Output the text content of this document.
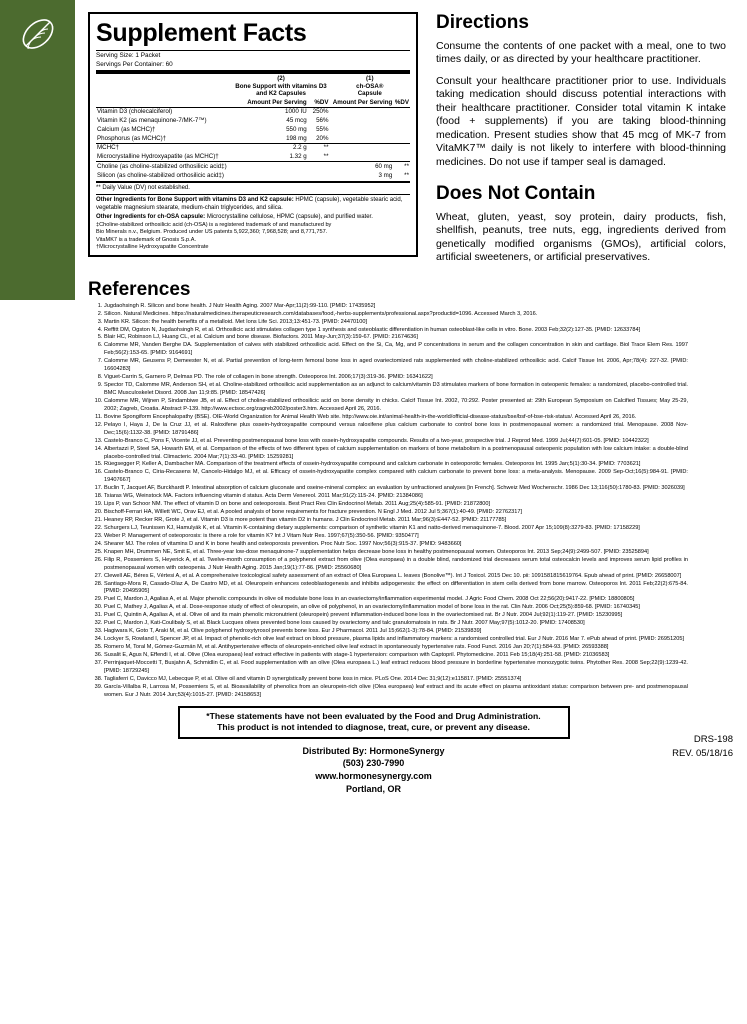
Supplement Facts
Serving Size: 1 Packet
Servings Per Container: 60

(2)
Bone Support with vitamins D3
and K2 Capsules

(1)
ch-OSA®
Capsule

	Amount Per Serving	%DV	Amount Per Serving	%DV
Vitamin D3 (cholecalciferol)	1000 IU	250%		
Vitamin K2 (as menaquinone-7/MK-7™)	45 mcg	56%		
Calcium (as MCHC)†	550 mg	55%		
Phosphorus (as MCHC)†	198 mg	20%		
MCHC†	2.2 g	**		
Microcrystalline Hydroxyapatite (as MCHC)†	1.32 g	**		
Choline (as choline-stabilized orthosilicic acid‡)			60 mg	**
Silicon (as choline-stabilized orthosilicic acid‡)			3 mg	**
** Daily Value (DV) not established.
Other Ingredients for Bone Support with vitamins D3 and K2 capsule: HPMC (capsule), vegetable stearic acid, vegetable magnesium stearate, medium-chain triglycerides, and silica.
Other Ingredients for ch-OSA capsule: Microcrystalline cellulose, HPMC (capsule), and purified water.
‡Choline-stabilized orthosilicic acid (ch-OSA) is a registered trademark of and manufactured by
Bio Minerals n.v., Belgium. Produced under US patents 5,922,360; 7,968,528; and 8,771,757.
VitaMK7 is a trademark of Gnosis S.p.A.
†Microcrystalline Hydroxyapatite Concentrate
Directions

Consume the contents of one packet with a meal, one to two times daily, or as directed by your healthcare practitioner.

Consult your healthcare practitioner prior to use. Individuals taking medication should discuss potential interactions with their healthcare practitioner. Consider total vitamin K intake (food + supplements) if you are taking blood-thinning medication. Present studies show that 45 mcg of MK-7 from VitaMK7™ daily is not likely to interfere with blood-thinning medicines. Do not use if tamper seal is damaged.

Does Not Contain

Wheat, gluten, yeast, soy protein, dairy products, fish, shellfish, peanuts, tree nuts, egg, ingredients derived from genetically modified organisms (GMOs), artificial colors, artificial sweeteners, or artificial preservatives.

References
1. Jugdaohsingh R. Silicon and bone health. J Nutr Health Aging. 2007 Mar-Apr;11(2):99-110. [PMID: 17435952]
2. Silicon. Natural Medicines. https://naturalmedicines.therapeuticresearch.com/databases/food,-herbs-supplements/professional.aspx?productid=1096. Accessed March 3, 2016.
3. Martin KR. Silicon: the health benefits of a metalloid. Met Ions Life Sci. 2013;13:451-73. [PMID: 24470100]
4. Reffitt DM, Ogston N, Jugdaohsingh R, et al. Orthosilicic acid stimulates collagen type 1 synthesis and osteoblastic differentiation in human osteoblast-like cells in vitro. Bone. 2003 Feb;32(2):127-35. [PMID: 12633784]
5. Blair HC, Robinson LJ, Huang CL, et al. Calcium and bone disease. Biofactors. 2011 May-Jun;37(3):159-67. [PMID: 21674636]
6. Calomme MR, Vanden Berghe DA. Supplementation of calves with stabilized orthosilicic acid. Effect on the Si, Ca, Mg, and P concentrations in serum and the collagen concentration in skin and cartilage. Biol Trace Elem Res. 1997 Feb;56(2):153-65. [PMID: 9164691]
7. Calomme MR, Geusens P, Demeester N, et al. Partial prevention of long-term femoral bone loss in aged ovariectomized rats supplemented with choline-stabilized orthosilicic acid. Calcif Tissue Int. 2006, Apr;78(4): 227-32. [PMID: 16604283]
8. Viguet-Carrin S, Garnero P, Delmas PD. The role of collagen in bone strength. Osteoporos Int. 2006;17(3):319-36. [PMID: 16341622]
9. Spector TD, Calomme MR, Anderson SH, et al. Choline-stabilized orthosilicic acid supplementation as an adjunct to calcium/vitamin D3 stimulates markers of bone formation in osteopenic females: a randomized, placebo-controlled trial. BMC Musculoskelet Disord. 2008 Jan 11;9:85. [PMID: 18547426]
10. Calomme MR, Wijnen P, Sindambiwe JB, et al. Effect of choline-stabilized orthosilicic acid on bone density in chicks. Calcif Tissue Int. 2002, 70:292. Poster presented at: 29th European Symposium on Calcified Tissues; May 25-29, 2002; Zagreb, Croatia. Abstract P-139. http://www.ectsoc.org/zagreb2002/poster3.htm. Accessed April 26, 2016.
11. Bovine Spongiform Encephalopathy (BSE). OIE-World Organization for Animal Health Web site. http://www.oie.int/animal-health-in-the-world/official-disease-status/bse/bsf-of-bse-risk-status/. Accessed April 26, 2016.
12. Pelayo I, Haya J, De la Cruz JJ, et al. Raloxifene plus ossein-hydroxyapatite compound versus raloxifene plus calcium carbonate to control bone loss in postmenopausal women: a randomized trial. Menopause. 2008 Nov-Dec;15(6):1132-38. [PMID: 18791486]
13. Castelo-Branco C, Pons F, Vicente JJ, et al. Preventing postmenopausal bone loss with ossein-hydroxyapatite compounds. Results of a two-year, prospective trial. J Reprod Med. 1999 Jul;44(7):601-05. [PMID: 10442322]
14. Albertazzi P, Steel SA, Howarth EM, et al. Comparison of the effects of two different types of calcium supplementation on markers of bone metabolism in a postmenopausal osteopenic population with low calcium intake: a double-blind placebo-controlled trial. Climacteric. 2004 Mar;7(1):33-40. [PMID: 15259281]
15. Rüegsegger P, Keller A, Dambacher MA. Comparison of the treatment effects of ossein-hydroxyapatite compound and calcium carbonate in osteoporotic females. Osteoporos Int. 1995 Jan;5(1):30-34. [PMID: 7703621]
16. Castelo-Branco C, Ciria-Recasens M, Cancelo-Hidalgo MJ, et al. Efficacy of ossein-hydroxyapatite complex compared with calcium carbonate to prevent bone loss: a meta-analysis. Menopause. 2009 Sep-Oct;16(5):984-91. [PMID: 19407667]
17. Buclin T, Jacquet AF, Burckhardt P. Intestinal absorption of calcium gluconate and oseine-mineral complex: an evaluation by unfractioned analyses [in French]. Schweiz Med Wochenschr. 1986 Dec 13;116(50):1780-83. [PMID: 3026039]
18. Tsiaras WG, Weinstock MA. Factors influencing vitamin d status. Acta Derm Venereol. 2011 Mar;91(2):115-24. [PMID: 21384086]
19. Lips P, van Schoor NM. The effect of vitamin D on bone and osteoporosis. Best Pract Res Clin Endocrinol Metab. 2011 Aug;25(4):585-91. [PMID: 21872800]
20. Bischoff-Ferrari HA, Willett WC, Orav EJ, et al. A pooled analysis of bone requirements for fracture prevention. N Engl J Med. 2012 Jul 5;367(1):40-49. [PMID: 22762317]
21. Heaney RP, Recker RR, Grote J, et al. Vitamin D3 is more potent than vitamin D2 in humans. J Clin Endocrinol Metab. 2011 Mar;96(3):E447-52. [PMID: 21177785]
22. Schurgers LJ, Teunissen KJ, Hamulyák K, et al. Vitamin K-containing dietary supplements: comparison of synthetic vitamin K1 and natto-derived menaquinone-7. Blood. 2007 Apr 15;109(8):3279-83. [PMID: 17158229]
23. Weber P. Management of osteoporosis: is there a role for vitamin K? Int J Vitam Nutr Res. 1997;67(5):350-56. [PMID: 9350477]
24. Shearer MJ. The roles of vitamins D and K in bone health and osteoporosis prevention. Proc Nutr Soc. 1997 Nov;56(3):915-37. [PMID: 9483660]
25. Knapen MH, Drummen NE, Smit E, et al. Three-year low-dose menaquinone-7 supplementation helps decrease bone loss in healthy postmenopausal women. Osteoporos Int. 2013 Sep;24(9):2499-507. [PMID: 23525894]
26. Filip R, Possemiers S, Heyerick A, et al. Twelve-month consumption of a polyphenol extract from olive (Olea europaea) in a double blind, randomized trial decreases serum total osteocalcin levels and improves serum lipid profiles in postmenopausal women with osteopenia. J Nutr Health Aging. 2015 Jan;19(1):77-86. [PMID: 25560680]
27. Clewell AE, Béres E, Vértesi A, et al. A comprehensive toxicological safety assessment of an extract of Olea Europaea L. leaves (Bonolive™). Int J Toxicol. 2015 Dec 10. pii: 1091581815619764. Epub ahead of print. [PMID: 26658007]
28. Santiago-Mora R, Casado-Díaz A, De Castro MD, et al. Oleuropein enhances osteoblastogenesis and inhibits adipogenesis: the effect on differentiation in stem cells derived from bone marrow. Osteoporos Int. 2011 Feb;22(2):675-84. [PMID: 20495905]
29. Puel C, Mardon J, Agalias A, et al. Major phenolic compounds in olive oil modulate bone loss in an ovariectomy/inflammation experimental model. J Agric Food Chem. 2008 Oct 22;56(20):9417-22. [PMID: 18800805]
30. Puel C, Mathey J, Agalias A, et al. Dose-response study of effect of oleuropein, an olive oil polyphenol, in an ovariectomy/inflammation model of bone loss in the rat. Clin Nutr. 2006 Oct;25(5):859-68. [PMID: 16740345]
31. Puel C, Quintin A, Agalias A, et al. Olive oil and its main phenolic micronutrient (oleuropein) prevent inflammation-induced bone loss in the ovariectomised rat. Br J Nutr. 2004 Jul;92(1):119-27. [PMID: 15230995]
32. Puel C, Mardon J, Kati-Coulibaly S, et al. Black Lucques olives prevented bone loss caused by ovariectomy and talc granulomatosis in rats. Br J Nutr. 2007 May;97(5):1012-20. [PMID: 17408530]
33. Hagiwara K, Goto T, Araki M, et al. Olive polyphenol hydroxytyrosol prevents bone loss. Eur J Pharmacol. 2011 Jul 15;662(1-3):78-84. [PMID: 21539839]
34. Lockyer S, Rowland I, Spencer JP, et al. Impact of phenolic-rich olive leaf extract on blood pressure, plasma lipids and inflammatory markers: a randomised controlled trial. Eur J Nutr. 2016 Mar 7. ePub ahead of print. [PMID: 26951205]
35. Romero M, Toral M, Gómez-Guzmán M, et al. Antihypertensive effects of oleuropein-enriched olive leaf extract in spontaneously hypertensive rats. Food Funct. 2016 Jan 20;7(1):584-93. [PMID: 26593388]
36. Susalit E, Agus N, Effendi I, et al. Olive (Olea europaea) leaf extract effective in patients with stage-1 hypertension: comparison with Captopril. Phytomedicine. 2011 Feb 15;18(4):251-58. [PMID: 21036583]
37. Perrinjaquet-Moccetti T, Busjahn A, Schmidlin C, et al. Food supplementation with an olive (Olea europaea L.) leaf extract reduces blood pressure in borderline hypertensive monozygotic twins. Phytother Res. 2008 Sep;22(9):1239-42. [PMID: 18729245]
38. Tagliaferri C, Davicco MJ, Lebecque P, et al. Olive oil and vitamin D synergistically prevent bone loss in mice. PLoS One. 2014 Dec 31;9(12):e115817. [PMID: 25551374]
39. García-Villalba R, Larrosa M, Possemiers S, et al. Bioavailability of phenolics from an oleuropein-rich olive (Olea europaea) leaf extract and its acute effect on plasma antioxidant status: comparison between pre- and postmenopausal women. Eur J Nutr. 2014 Jun;53(4):1015-27. [PMID: 24158653]

*These statements have not been evaluated by the Food and Drug Administration.

This product is not intended to diagnose, treat, cure, or prevent any disease.

Distributed By: HormoneSynergy
(503) 230-7990
www.hormonesynergy.com
Portland, OR
DRS-198
REV. 05/18/16
